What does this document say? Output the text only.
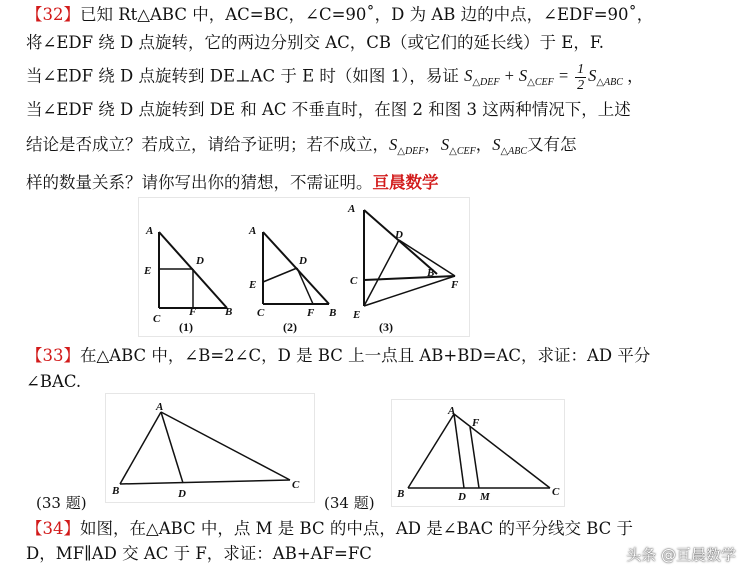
【32】已知 Rt△ABC 中，AC=BC，∠C=90˚，D 为 AB 边的中点，∠EDF=90˚，
将∠EDF 绕 D 点旋转，它的两边分别交 AC，CB（或它们的延长线）于 E，F.
当∠EDF 绕 D 点旋转到 DE⊥AC 于 E 时（如图 1），易证 $S_{\triangle DEF} + S_{\triangle CEF} = \frac{1}{2} S_{\triangle ABC}$ ，
当∠EDF 绕 D 点旋转到 DE 和 AC 不垂直时，在图 2 和图 3 这两种情况下，上述
结论是否成立？若成立，请给予证明；若不成立，$S_{\triangle DEF}$，$S_{\triangle CEF}$，$S_{\triangle ABC}$又有怎
样的数量关系？请你写出你的猜想，不需证明。亘晨数学
A
E
D
C
F	B
(1)
A
E
D
C	F B
(2)
A
D
C
B
F
E
(3)
【33】在△ABC 中，∠B=2∠C，D 是 BC 上一点且 AB+BD=AC，求证：AD 平分
∠BAC.
A
B	D
C
(33 题)
A
F
B	D M	C
(34 题)
【34】如图，在△ABC 中，点 M 是 BC 的中点，AD 是∠BAC 的平分线交 BC 于
D，MF∥AD 交 AC 于 F，求证：AB+AF=FC	头条 @亘晨数学
